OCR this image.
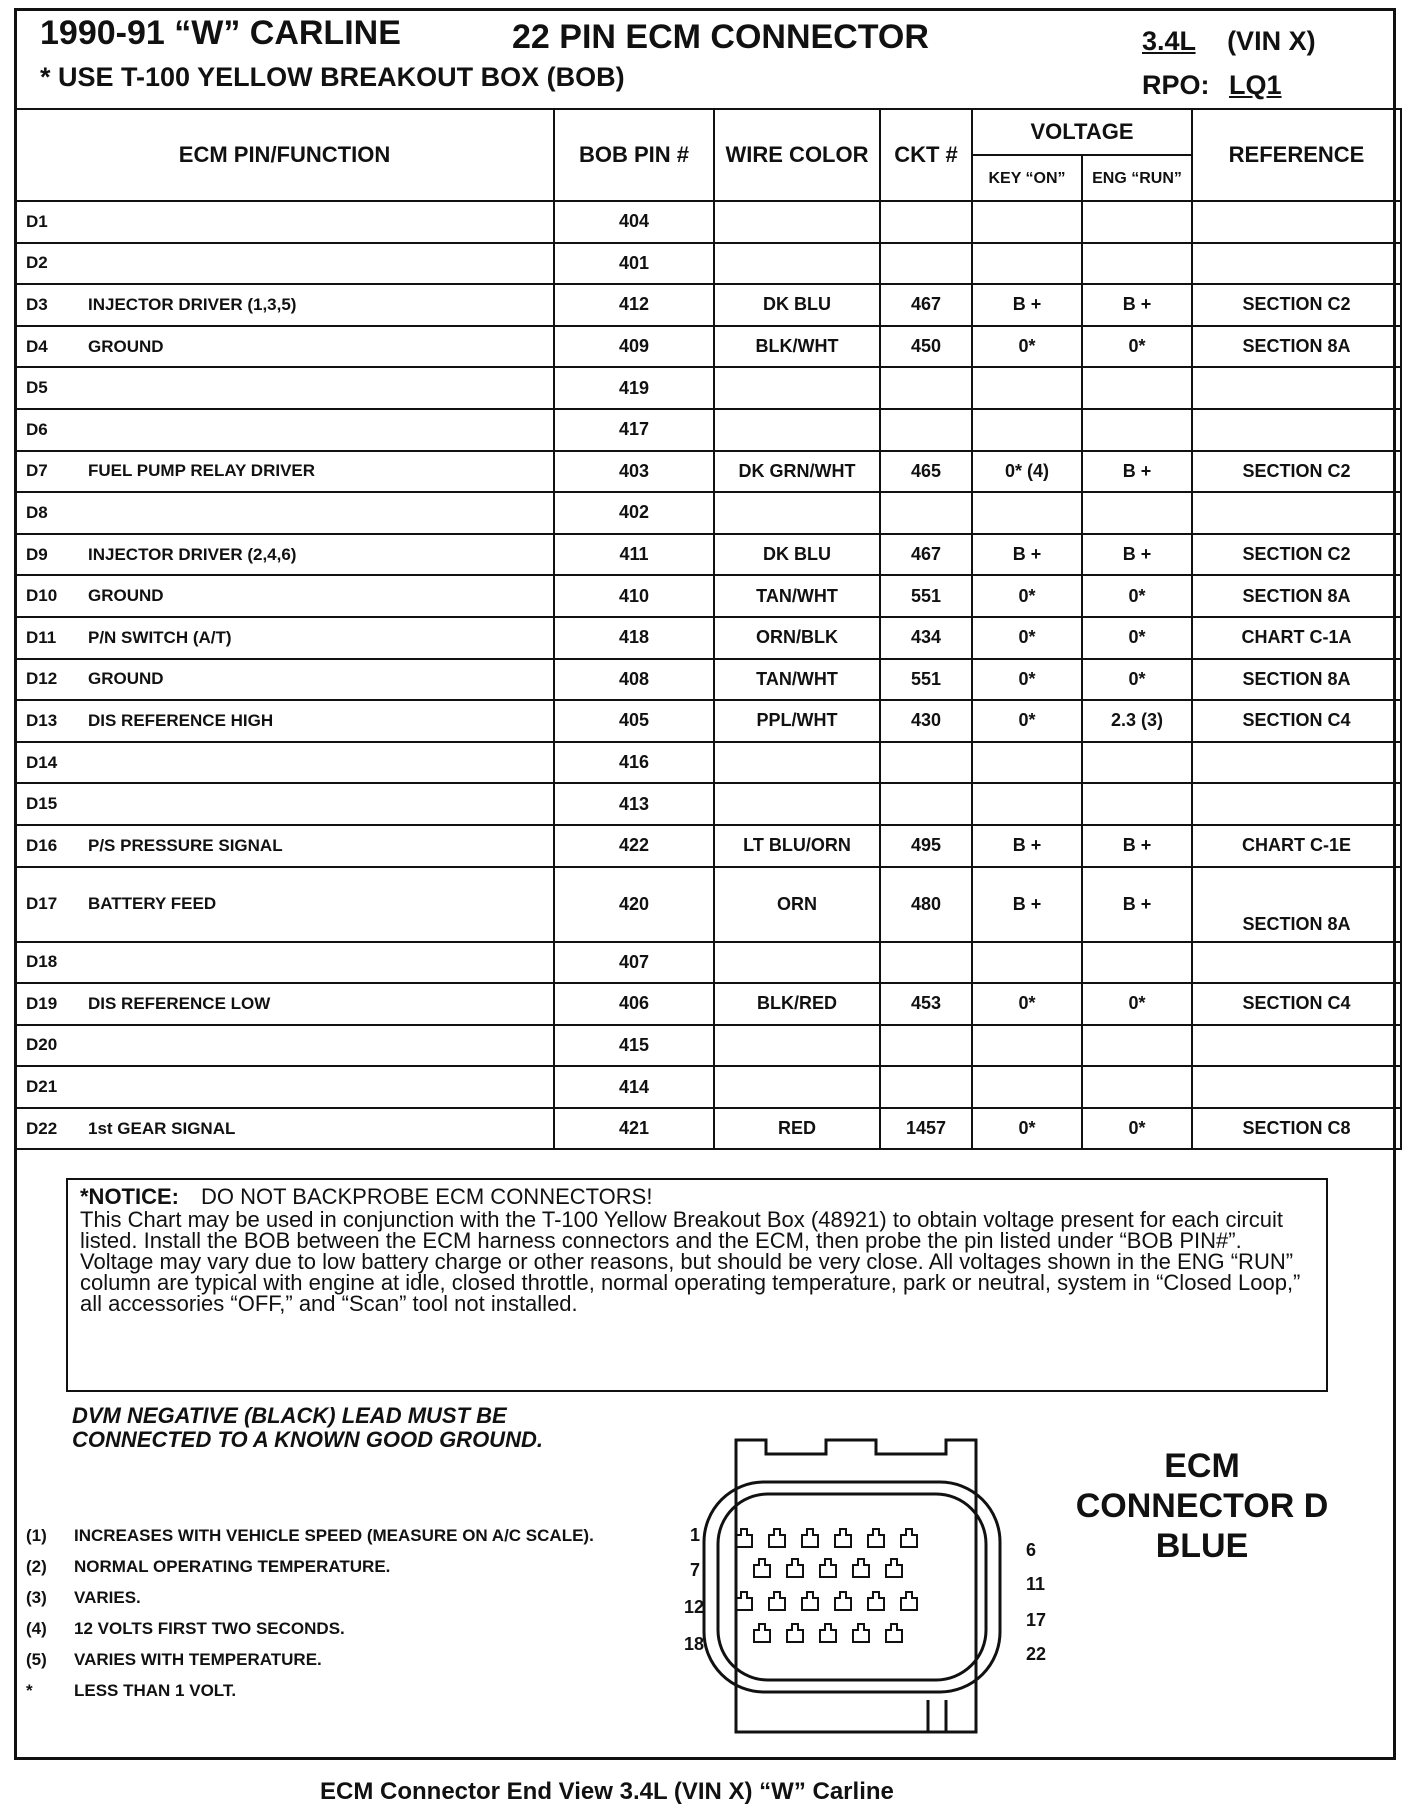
1990-91 “W” CARLINE	22 PIN ECM CONNECTOR
* USE T-100 YELLOW BREAKOUT BOX (BOB)
3.4L (VIN X)
RPO: LQ1
ECM PIN/FUNCTION	BOB PIN #	WIRE COLOR	CKT #	VOLTAGE		REFERENCE
				KEY “ON”	ENG “RUN”	
D1	404					
D2	401					
D3 INJECTOR DRIVER (1,3,5)	412	DK BLU	467	B +	B +	SECTION C2
D4 GROUND	409	BLK/WHT	450	0*	0*	SECTION 8A
D5	419					
D6	417					
D7 FUEL PUMP RELAY DRIVER	403	DK GRN/WHT	465	0* (4)	B +	SECTION C2
D8	402					
D9 INJECTOR DRIVER (2,4,6)	411	DK BLU	467	B +	B +	SECTION C2
D10 GROUND	410	TAN/WHT	551	0*	0*	SECTION 8A
D11 P/N SWITCH (A/T)	418	ORN/BLK	434	0*	0*	CHART C-1A
D12 GROUND	408	TAN/WHT	551	0*	0*	SECTION 8A
D13 DIS REFERENCE HIGH	405	PPL/WHT	430	0*	2.3 (3)	SECTION C4
D14	416					
D15	413					
D16 P/S PRESSURE SIGNAL	422	LT BLU/ORN	495	B +	B +	CHART C-1E
D17 BATTERY FEED	420	ORN	480	B +	B +	SECTION 8A
D18	407					
D19 DIS REFERENCE LOW	406	BLK/RED	453	0*	0*	SECTION C4
D20	415					
D21	414					
D22 1st GEAR SIGNAL	421	RED	1457	0*	0*	SECTION C8
*NOTICE: DO NOT BACKPROBE ECM CONNECTORS!
This Chart may be used in conjunction with the T-100 Yellow Breakout Box (48921) to obtain voltage present for each circuit listed. Install the BOB between the ECM harness connectors and the ECM, then probe the pin listed under “BOB PIN#”. Voltage may vary due to low battery charge or other reasons, but should be very close. All voltages shown in the ENG “RUN” column are typical with engine at idle, closed throttle, normal operating temperature, park or neutral, system in “Closed Loop,” all accessories “OFF,” and “Scan” tool not installed.
DVM NEGATIVE (BLACK) LEAD MUST BE
CONNECTED TO A KNOWN GOOD GROUND.
(1)	INCREASES WITH VEHICLE SPEED (MEASURE ON A/C SCALE).
(2)	NORMAL OPERATING TEMPERATURE.
(3)	VARIES.
(4)	12 VOLTS FIRST TWO SECONDS.
(5)	VARIES WITH TEMPERATURE.
*	LESS THAN 1 VOLT.
1
7
12
18
6
11
17
22
ECM
CONNECTOR D
BLUE
ECM Connector End View 3.4L (VIN X) “W” Carline
